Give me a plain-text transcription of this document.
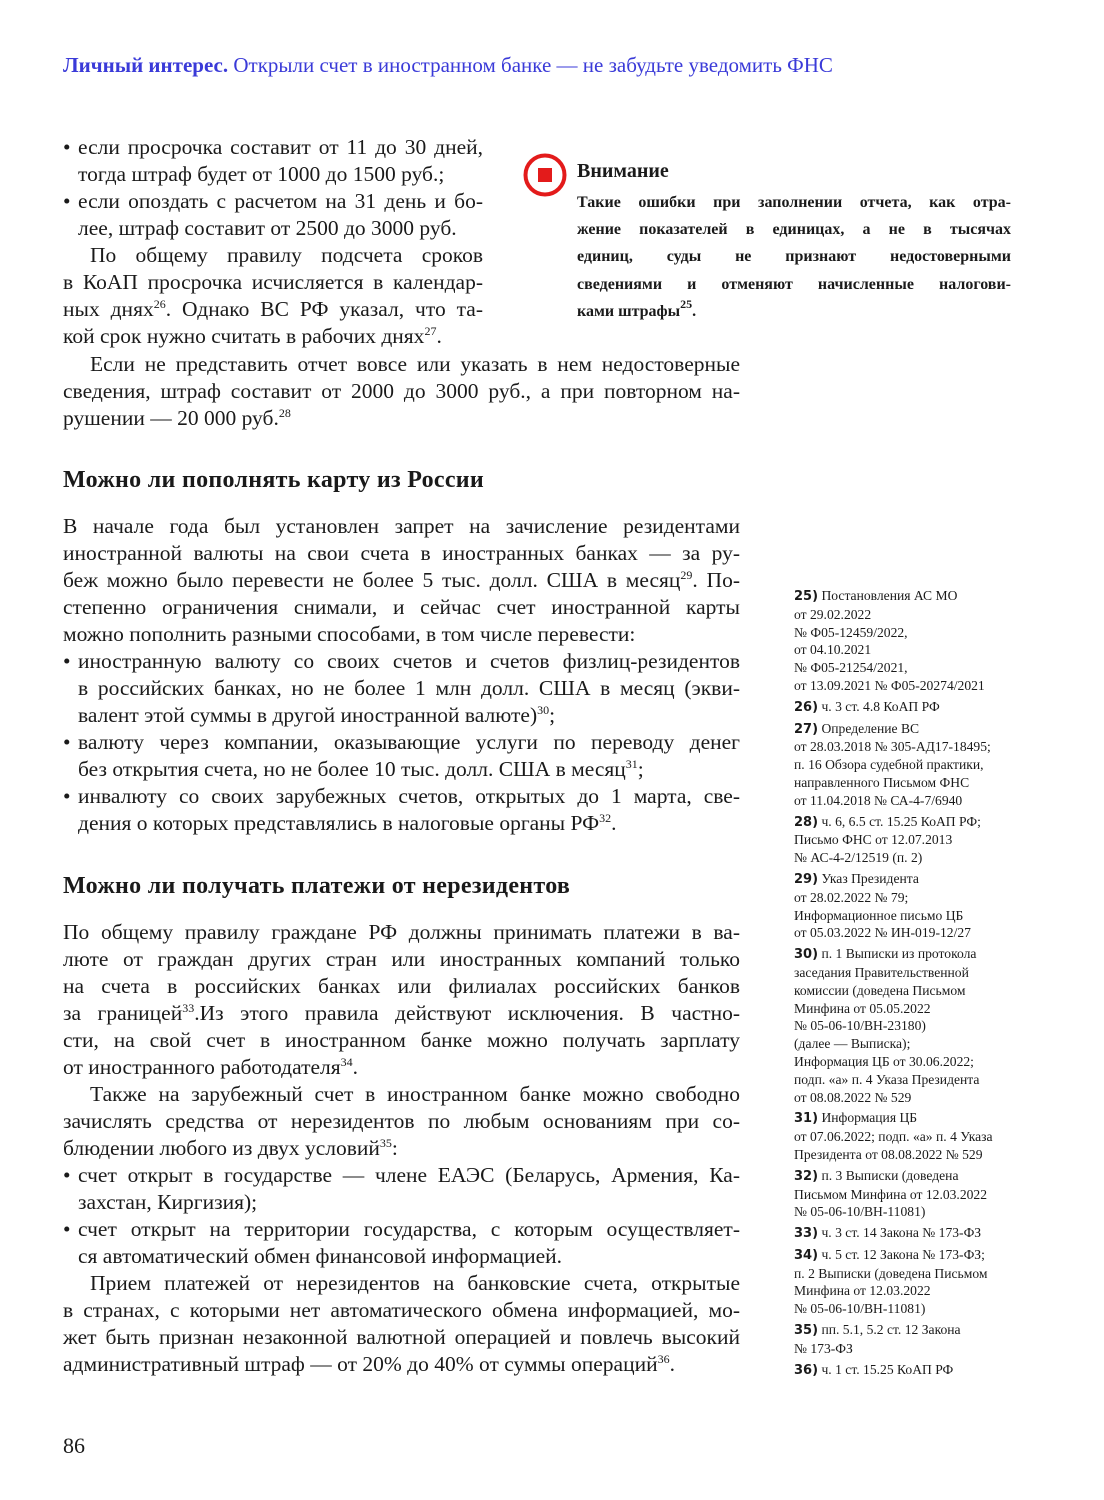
Личный интерес. Открыли счет в иностранном банке — не забудьте уведомить ФНС
• если просрочка составит от 11 до 30 дней,
тогда штраф будет от 1000 до 1500 руб.;
• если опоздать с расчетом на 31 день и бо-
лее, штраф составит от 2500 до 3000 руб.
По общему правилу подсчета сроков
в КоАП просрочка исчисляется в календар-
ных днях$^{26}$. Однако ВС РФ указал, что та-
кой срок нужно считать в рабочих днях$^{27}$.
Внимание
Такие ошибки при заполнении отчета, как отра-
жение показателей в единицах, а не в тысячах
единиц, суды не признают недостоверными
сведениями и отменяют начисленные налогови-
ками штрафы$^{25}$.
Если не представить отчет вовсе или указать в нем недостоверные
сведения, штраф составит от 2000 до 3000 руб., а при повторном на-
рушении — 20 000 руб.$^{28}$
Можно ли пополнять карту из России
В начале года был установлен запрет на зачисление резидентами
иностранной валюты на свои счета в иностранных банках — за ру-
беж можно было перевести не более 5 тыс. долл. США в месяц$^{29}$. По-
степенно ограничения снимали, и сейчас счет иностранной карты
можно пополнить разными способами, в том числе перевести:
• иностранную валюту со своих счетов и счетов физлиц-резидентов
в российских банках, но не более 1 млн долл. США в месяц (экви-
валент этой суммы в другой иностранной валюте)$^{30}$;
• валюту через компании, оказывающие услуги по переводу денег
без открытия счета, но не более 10 тыс. долл. США в месяц$^{31}$;
• инвалюту со своих зарубежных счетов, открытых до 1 марта, све-
дения о которых представлялись в налоговые органы РФ$^{32}$.
Можно ли получать платежи от нерезидентов
По общему правилу граждане РФ должны принимать платежи в ва-
люте от граждан других стран или иностранных компаний только
на счета в российских банках или филиалах российских банков
за границей$^{33}$.Из этого правила действуют исключения. В частно-
сти, на свой счет в иностранном банке можно получать зарплату
от иностранного работодателя$^{34}$.
Также на зарубежный счет в иностранном банке можно свободно
зачислять средства от нерезидентов по любым основаниям при со-
блюдении любого из двух условий$^{35}$:
• счет открыт в государстве — члене ЕАЭС (Беларусь, Армения, Ка-
захстан, Киргизия);
• счет открыт на территории государства, с которым осуществляет-
ся автоматический обмен финансовой информацией.
Прием платежей от нерезидентов на банковские счета, открытые
в странах, с которыми нет автоматического обмена информацией, мо-
жет быть признан незаконной валютной операцией и повлечь высокий
административный штраф — от 20% до 40% от суммы операций$^{36}$.
25) Постановления АС МО
от 29.02.2022
№ Ф05-12459/2022,
от 04.10.2021
№ Ф05-21254/2021,
от 13.09.2021 № Ф05-20274/2021
26) ч. 3 ст. 4.8 КоАП РФ
27) Определение ВС
от 28.03.2018 № 305-АД17-18495;
п. 16 Обзора судебной практики,
направленного Письмом ФНС
от 11.04.2018 № СА-4-7/6940
28) ч. 6, 6.5 ст. 15.25 КоАП РФ;
Письмо ФНС от 12.07.2013
№ АС-4-2/12519 (п. 2)
29) Указ Президента
от 28.02.2022 № 79;
Информационное письмо ЦБ
от 05.03.2022 № ИН-019-12/27
30) п. 1 Выписки из протокола
заседания Правительственной
комиссии (доведена Письмом
Минфина от 05.05.2022
№ 05-06-10/ВН-23180)
(далее — Выписка);
Информация ЦБ от 30.06.2022;
подп. «а» п. 4 Указа Президента
от 08.08.2022 № 529
31) Информация ЦБ
от 07.06.2022; подп. «а» п. 4 Указа
Президента от 08.08.2022 № 529
32) п. 3 Выписки (доведена
Письмом Минфина от 12.03.2022
№ 05-06-10/ВН-11081)
33) ч. 3 ст. 14 Закона № 173-ФЗ
34) ч. 5 ст. 12 Закона № 173-ФЗ;
п. 2 Выписки (доведена Письмом
Минфина от 12.03.2022
№ 05-06-10/ВН-11081)
35) пп. 5.1, 5.2 ст. 12 Закона
№ 173-ФЗ
36) ч. 1 ст. 15.25 КоАП РФ
86
